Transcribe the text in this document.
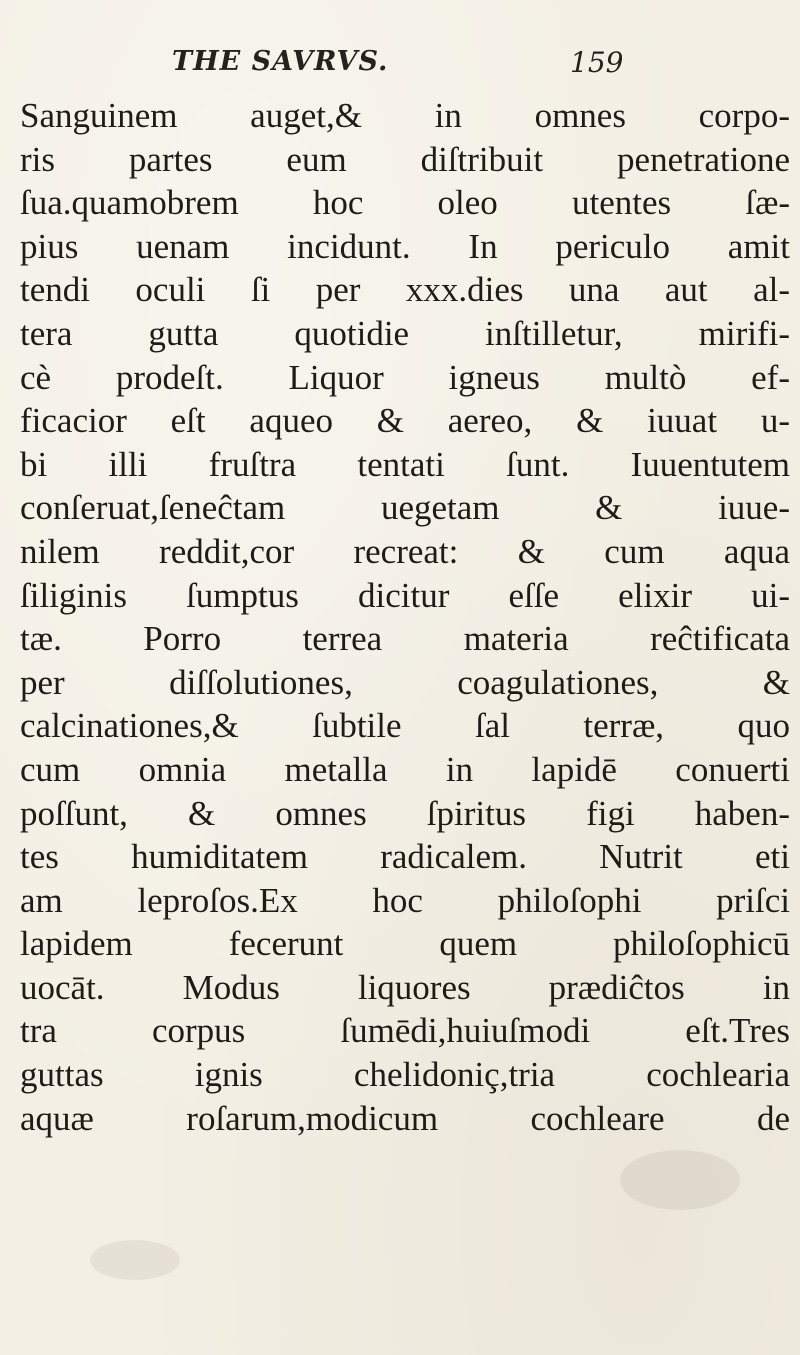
THE SAVRVS.	159
Sanguinem auget,& in omnes corpo-
ris partes eum diſtribuit penetratione
ſua.quamobrem hoc oleo utentes ſæ-
pius uenam incidunt. In periculo amit
tendi oculi ſi per xxx.dies una aut al-
tera gutta quotidie inſtilletur, mirifi-
cè prodeſt. Liquor igneus multò ef-
ficacior eſt aqueo & aereo, & iuuat u-
bi illi fruſtra tentati ſunt. Iuuentutem
conſeruat,ſeneĉtam uegetam & iuue-
nilem reddit,cor recreat: & cum aqua
ſiliginis ſumptus dicitur eſſe elixir ui-
tæ. Porro terrea materia reĉtificata
per diſſolutiones, coagulationes, &
calcinationes,& ſubtile ſal terræ, quo
cum omnia metalla in lapidē conuerti
poſſunt, & omnes ſpiritus figi haben-
tes humiditatem radicalem. Nutrit eti
am leproſos.Ex hoc philoſophi priſci
lapidem fecerunt quem philoſophicū
uocāt. Modus liquores prædiĉtos in
tra corpus ſumēdi,huiuſmodi eſt.Tres
guttas ignis chelidoniç,tria cochlearia
aquæ roſarum,modicum cochleare de
